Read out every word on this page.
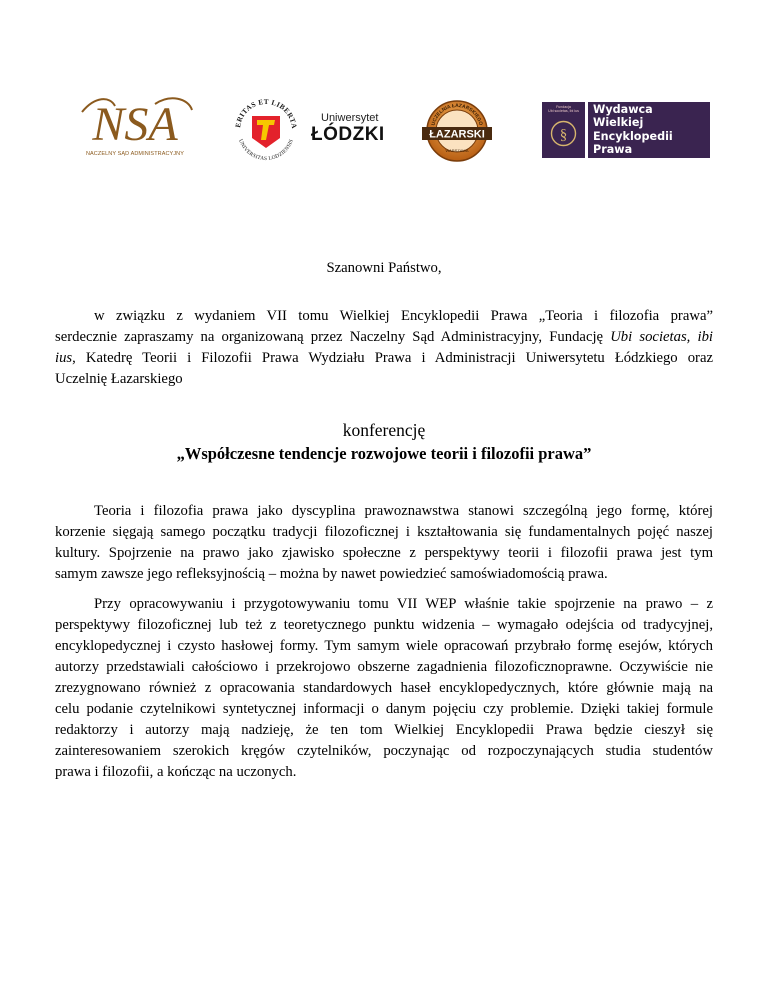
NSA
NACZELNY SĄD ADMINISTRACYJNY
ERITAS ET LIBERTA
UNIVERSITAS LODZIENSIS
Uniwersytet
ŁÓDZKI
UCZELNIA ŁAZARSKIEGO
ŁAZARSKI
WARSZAWA
Fundacja
Ubi societas, ibi ius
§
Wydawca
Wielkiej
Encyklopedii
Prawa
Szanowni Państwo,
w związku z wydaniem VII tomu Wielkiej Encyklopedii Prawa „Teoria i filozofia prawa”
serdecznie zapraszamy na organizowaną przez Naczelny Sąd Administracyjny, Fundację Ubi societas, ibi
ius, Katedrę Teorii i Filozofii Prawa Wydziału Prawa i Administracji Uniwersytetu Łódzkiego oraz
Uczelnię Łazarskiego
konferencję
„Współczesne tendencje rozwojowe teorii i filozofii prawa”
Teoria i filozofia prawa jako dyscyplina prawoznawstwa stanowi szczególną jego formę, której
korzenie sięgają samego początku tradycji filozoficznej i kształtowania się fundamentalnych pojęć naszej
kultury. Spojrzenie na prawo jako zjawisko społeczne z perspektywy teorii i filozofii prawa jest tym
samym zawsze jego refleksyjnością – można by nawet powiedzieć samoświadomością prawa.
Przy opracowywaniu i przygotowywaniu tomu VII WEP właśnie takie spojrzenie na prawo – z
perspektywy filozoficznej lub też z teoretycznego punktu widzenia – wymagało odejścia od tradycyjnej,
encyklopedycznej i czysto hasłowej formy. Tym samym wiele opracowań przybrało formę esejów, których
autorzy przedstawiali całościowo i przekrojowo obszerne zagadnienia filozoficznoprawne. Oczywiście nie
zrezygnowano również z opracowania standardowych haseł encyklopedycznych, które głównie mają na
celu podanie czytelnikowi syntetycznej informacji o danym pojęciu czy problemie. Dzięki takiej formule
redaktorzy i autorzy mają nadzieję, że ten tom Wielkiej Encyklopedii Prawa będzie cieszył się
zainteresowaniem szerokich kręgów czytelników, poczynając od rozpoczynających studia studentów
prawa i filozofii, a kończąc na uczonych.
